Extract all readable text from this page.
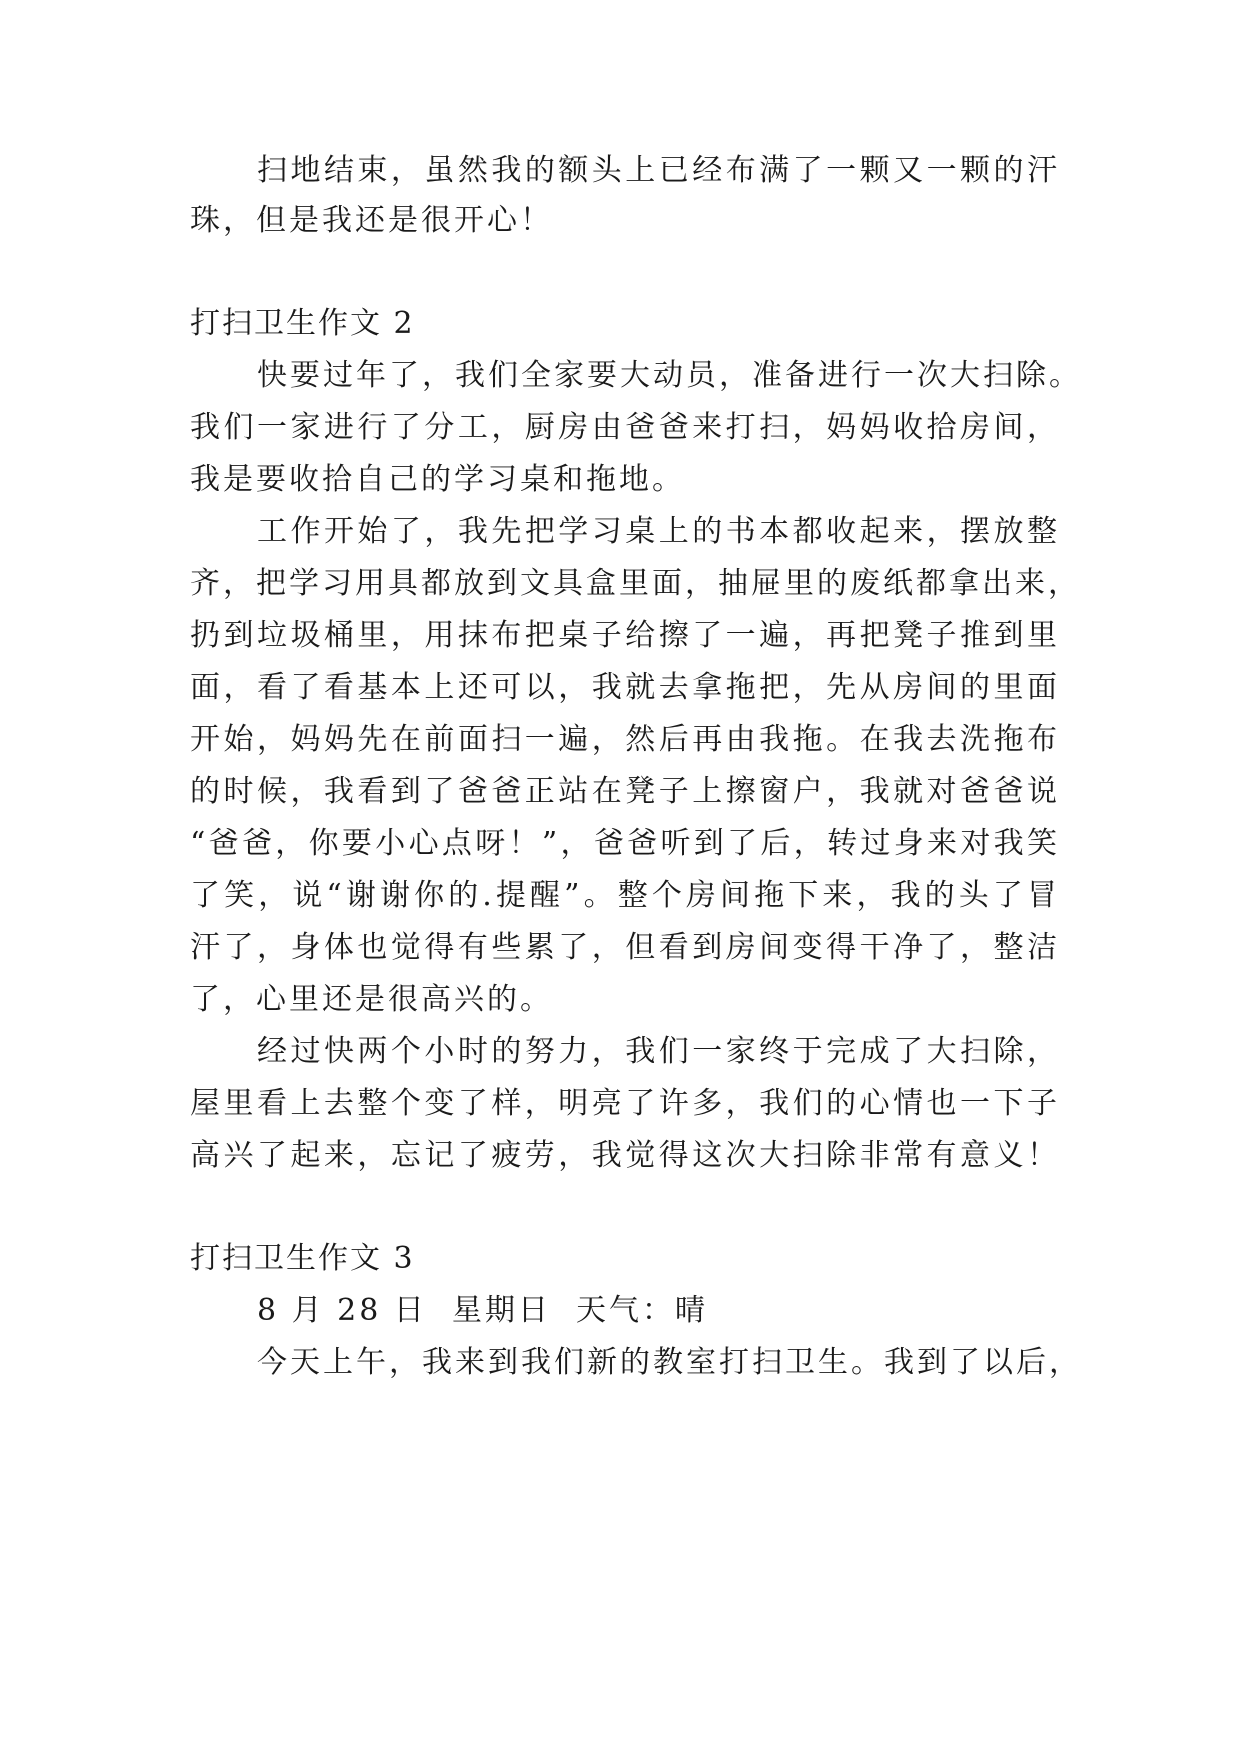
扫地结束，虽然我的额头上已经布满了一颗又一颗的汗
珠，但是我还是很开心！
打扫卫生作文 2
快要过年了，我们全家要大动员，准备进行一次大扫除。
我们一家进行了分工，厨房由爸爸来打扫，妈妈收拾房间，
我是要收拾自己的学习桌和拖地。
工作开始了，我先把学习桌上的书本都收起来，摆放整
齐，把学习用具都放到文具盒里面，抽屉里的废纸都拿出来，
扔到垃圾桶里，用抹布把桌子给擦了一遍，再把凳子推到里
面，看了看基本上还可以，我就去拿拖把，先从房间的里面
开始，妈妈先在前面扫一遍，然后再由我拖。在我去洗拖布
的时候，我看到了爸爸正站在凳子上擦窗户，我就对爸爸说
“爸爸，你要小心点呀！”，爸爸听到了后，转过身来对我笑
了笑，说“谢谢你的.提醒”。整个房间拖下来，我的头了冒
汗了，身体也觉得有些累了，但看到房间变得干净了，整洁
了，心里还是很高兴的。
经过快两个小时的努力，我们一家终于完成了大扫除，
屋里看上去整个变了样，明亮了许多，我们的心情也一下子
高兴了起来，忘记了疲劳，我觉得这次大扫除非常有意义！
打扫卫生作文 3
8 月 28 日  星期日  天气：晴
今天上午，我来到我们新的教室打扫卫生。我到了以后，
